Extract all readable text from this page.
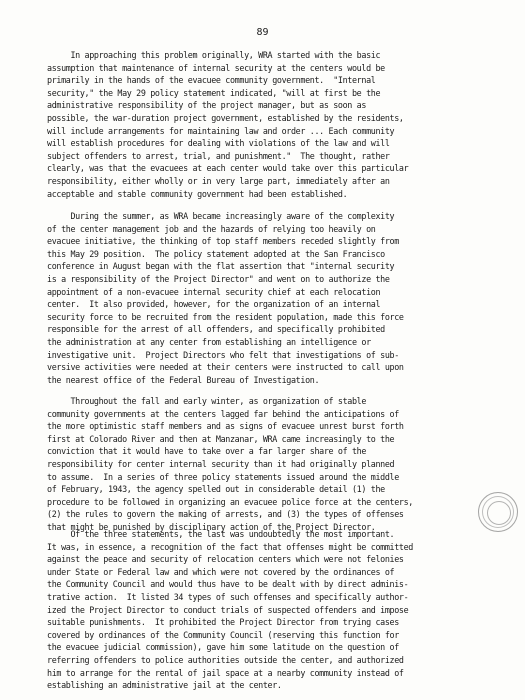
89
In approaching this problem originally, WRA started with the basic
assumption that maintenance of internal security at the centers would be
primarily in the hands of the evacuee community government.  "Internal
security," the May 29 policy statement indicated, "will at first be the
administrative responsibility of the project manager, but as soon as
possible, the war-duration project government, established by the residents,
will include arrangements for maintaining law and order ... Each community
will establish procedures for dealing with violations of the law and will
subject offenders to arrest, trial, and punishment."  The thought, rather
clearly, was that the evacuees at each center would take over this particular
responsibility, either wholly or in very large part, immediately after an
acceptable and stable community government had been established.
During the summer, as WRA became increasingly aware of the complexity
of the center management job and the hazards of relying too heavily on
evacuee initiative, the thinking of top staff members receded slightly from
this May 29 position.  The policy statement adopted at the San Francisco
conference in August began with the flat assertion that "internal security
is a responsibility of the Project Director" and went on to authorize the
appointment of a non-evacuee internal security chief at each relocation
center.  It also provided, however, for the organization of an internal
security force to be recruited from the resident population, made this force
responsible for the arrest of all offenders, and specifically prohibited
the administration at any center from establishing an intelligence or
investigative unit.  Project Directors who felt that investigations of sub-
versive activities were needed at their centers were instructed to call upon
the nearest office of the Federal Bureau of Investigation.
Throughout the fall and early winter, as organization of stable
community governments at the centers lagged far behind the anticipations of
the more optimistic staff members and as signs of evacuee unrest burst forth
first at Colorado River and then at Manzanar, WRA came increasingly to the
conviction that it would have to take over a far larger share of the
responsibility for center internal security than it had originally planned
to assume.  In a series of three policy statements issued around the middle
of February, 1943, the agency spelled out in considerable detail (1) the
procedure to be followed in organizing an evacuee police force at the centers,
(2) the rules to govern the making of arrests, and (3) the types of offenses
that might be punished by disciplinary action of the Project Director.
Of the three statements, the last was undoubtedly the most important.
It was, in essence, a recognition of the fact that offenses might be committed
against the peace and security of relocation centers which were not felonies
under State or Federal law and which were not covered by the ordinances of
the Community Council and would thus have to be dealt with by direct adminis-
trative action.  It listed 34 types of such offenses and specifically author-
ized the Project Director to conduct trials of suspected offenders and impose
suitable punishments.  It prohibited the Project Director from trying cases
covered by ordinances of the Community Council (reserving this function for
the evacuee judicial commission), gave him some latitude on the question of
referring offenders to police authorities outside the center, and authorized
him to arrange for the rental of jail space at a nearby community instead of
establishing an administrative jail at the center.
